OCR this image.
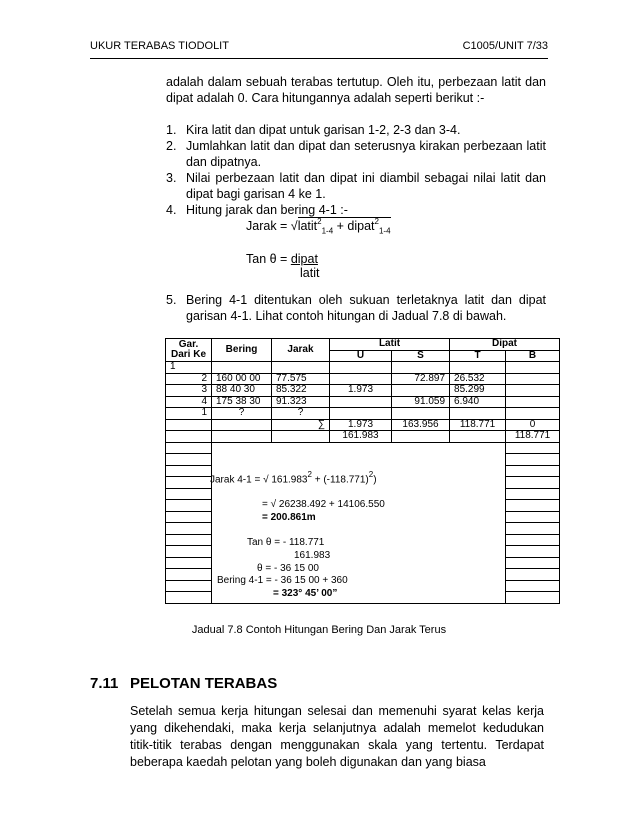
UKUR TERABAS TIODOLIT	C1005/UNIT 7/33
adalah dalam sebuah terabas tertutup. Oleh itu, perbezaan latit dan dipat adalah 0. Cara hitungannya adalah seperti berikut :-
1. Kira latit dan dipat untuk garisan 1-2, 2-3 dan 3-4.
2. Jumlahkan latit dan dipat dan seterusnya kirakan perbezaan latit dan dipatnya.
3. Nilai perbezaan latit dan dipat ini diambil sebagai nilai latit dan dipat bagi garisan 4 ke 1.
4. Hitung jarak dan bering 4-1 :-
Jarak = √latit$^2_{1-4}$ + dipat$^2_{1-4}$
Tan θ = dipat
latit
5. Bering 4-1 ditentukan oleh sukuan terletaknya latit dan dipat garisan 4-1. Lihat contoh hitungan di Jadual 7.8 di bawah.
Gar.
Dari Ke	Bering	Jarak	Latit		Dipat	
			U	S	T	B
1						
2	160 00 00	77.575		72.897	26.532	
3	88 40 30	85.322	1.973		85.299	
4	175 38 30	91.323		91.059	6.940	
1	?	?				
		∑	1.973	163.956	118.771	0
			161.983			118.771

Jarak 4-1 = √ $161.983^2 + (-118.771)^2$)
= √ 26238.492 + 14106.550
= 200.861m
Tan θ = - 118.771
161.983
θ = - 36 15 00
Bering 4-1 = - 36 15 00 + 360
= 323° 45’ 00”
Jadual 7.8 Contoh Hitungan Bering Dan Jarak Terus
7.11 PELOTAN TERABAS
Setelah semua kerja hitungan selesai dan memenuhi syarat kelas kerja yang dikehendaki, maka kerja selanjutnya adalah memelot kedudukan titik-titik terabas dengan menggunakan skala yang tertentu. Terdapat beberapa kaedah pelotan yang boleh digunakan dan yang biasa
